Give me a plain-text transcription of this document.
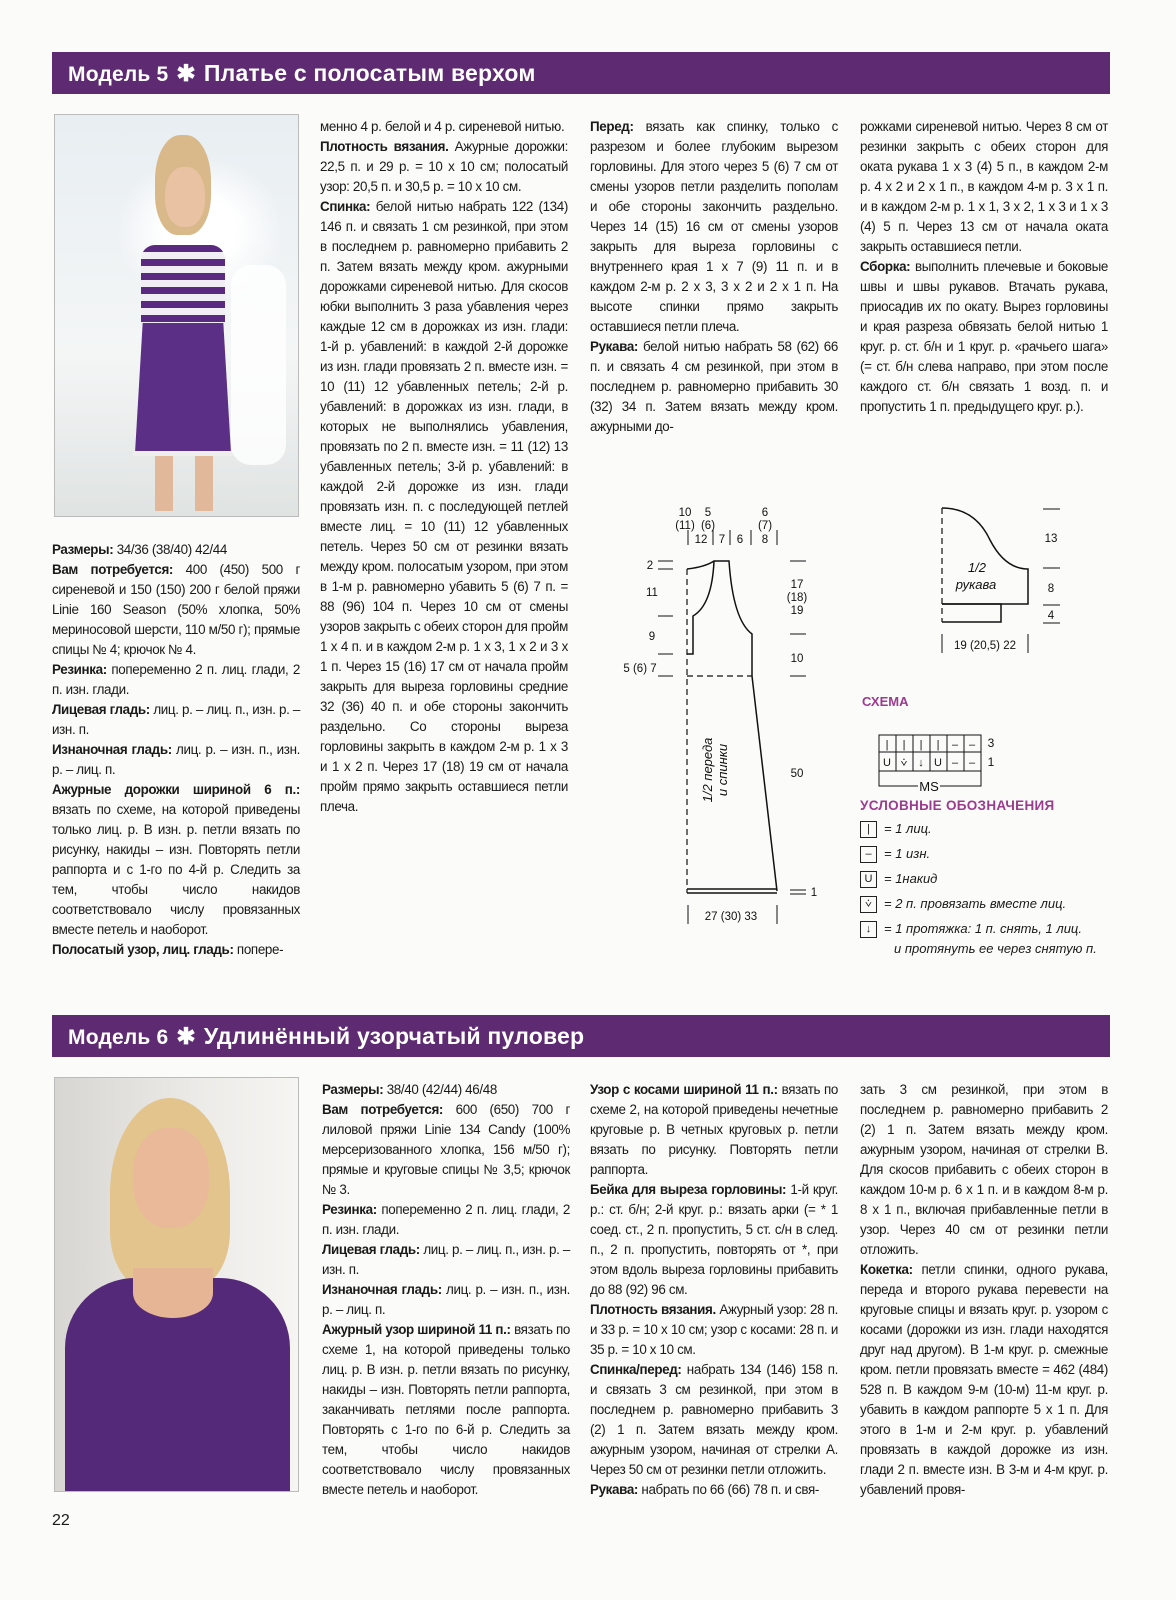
Модель 5 ✱ Платье с полосатым верхом

Размеры: 34/36 (38/40) 42/44

Вам потребуется: 400 (450) 500 г сиреневой и 150 (150) 200 г белой пряжи Linie 160 Season (50% хлопка, 50% мериносовой шерсти, 110 м/50 г); прямые спицы № 4; крючок № 4.

Резинка: попеременно 2 п. лиц. глади, 2 п. изн. глади.

Лицевая гладь: лиц. р. – лиц. п., изн. р. – изн. п.

Изнаночная гладь: лиц. р. – изн. п., изн. р. – лиц. п.

Ажурные дорожки шириной 6 п.: вязать по схеме, на которой приведены только лиц. р. В изн. р. петли вязать по рисунку, накиды – изн. Повторять петли раппорта и с 1-го по 4-й р. Следить за тем, чтобы число накидов соответствовало числу провязанных вместе петель и наоборот.

Полосатый узор, лиц. гладь: попере-

менно 4 р. белой и 4 р. сиреневой нитью.

Плотность вязания. Ажурные дорожки: 22,5 п. и 29 р. = 10 х 10 см; полосатый узор: 20,5 п. и 30,5 р. = 10 х 10 см.

Спинка: белой нитью набрать 122 (134) 146 п. и связать 1 см резинкой, при этом в последнем р. равномерно прибавить 2 п. Затем вязать между кром. ажурными дорожками сиреневой нитью. Для скосов юбки выполнить 3 раза убавления через каждые 12 см в дорожках из изн. глади: 1-й р. убавлений: в каждой 2-й дорожке из изн. глади провязать 2 п. вместе изн. = 10 (11) 12 убавленных петель; 2-й р. убавлений: в дорожках из изн. глади, в которых не выполнялись убавления, провязать по 2 п. вместе изн. = 11 (12) 13 убавленных петель; 3-й р. убавлений: в каждой 2-й дорожке из изн. глади провязать изн. п. с последующей петлей вместе лиц. = 10 (11) 12 убавленных петель. Через 50 см от резинки вязать между кром. полосатым узором, при этом в 1-м р. равномерно убавить 5 (6) 7 п. = 88 (96) 104 п. Через 10 см от смены узоров закрыть с обеих сторон для пройм 1 х 4 п. и в каждом 2-м р. 1 х 3, 1 х 2 и 3 х 1 п. Через 15 (16) 17 см от начала пройм закрыть для выреза горловины средние 32 (36) 40 п. и обе стороны закончить раздельно. Со стороны выреза горловины закрыть в каждом 2-м р. 1 х 3 и 1 х 2 п. Через 17 (18) 19 см от начала пройм прямо закрыть оставшиеся петли плеча.

Перед: вязать как спинку, только с разрезом и более глубоким вырезом горловины. Для этого через 5 (6) 7 см от смены узоров петли разделить пополам и обе стороны закончить раздельно. Через 14 (15) 16 см от смены узоров закрыть для выреза горловины с внутреннего края 1 х 7 (9) 11 п. и в каждом 2-м р. 2 х 3, 3 х 2 и 2 х 1 п. На высоте спинки прямо закрыть оставшиеся петли плеча.

Рукава: белой нитью набрать 58 (62) 66 п. и связать 4 см резинкой, при этом в последнем р. равномерно прибавить 30 (32) 34 п. Затем вязать между кром. ажурными до-

рожками сиреневой нитью. Через 8 см от резинки закрыть с обеих сторон для оката рукава 1 х 3 (4) 5 п., в каждом 2-м р. 4 х 2 и 2 х 1 п., в каждом 4-м р. 3 х 1 п. и в каждом 2-м р. 1 х 1, 3 х 2, 1 х 3 и 1 х 3 (4) 5 п. Через 13 см от начала оката закрыть оставшиеся петли.

Сборка: выполнить плечевые и боковые швы и швы рукавов. Втачать рукава, приосадив их по окату. Вырез горловины и края разреза обвязать белой нитью 1 круг. р. ст. б/н и 1 круг. р. «рачьего шага» (= ст. б/н слева направо, при этом после каждого ст. б/н связать 1 возд. п. и пропустить 1 п. предыдущего круг. р.).

10
(11)
12
5
(6)
7 6
6
(7)
8
2
11
9
5 (6) 7
17
(18)
19
10
50
1
27 (30) 33
1/2 переда и спинки
1/2
рукава
13
8
4
19 (20,5) 22
СХЕМА
| | | | – –
U ⩒ ↓ U – –
3
1
MS
УСЛОВНЫЕ ОБОЗНАЧЕНИЯ
| = 1 лиц.
– = 1 изн.
U = 1накид
⩒ = 2 п. провязать вместе лиц.
↓ = 1 протяжка: 1 п. снять, 1 лиц.
и протянуть ее через снятую п.
Модель 6 ✱ Удлинённый узорчатый пуловер

Размеры: 38/40 (42/44) 46/48

Вам потребуется: 600 (650) 700 г лиловой пряжи Linie 134 Candy (100% мерсеризованного хлопка, 156 м/50 г); прямые и круговые спицы № 3,5; крючок № 3.

Резинка: попеременно 2 п. лиц. глади, 2 п. изн. глади.

Лицевая гладь: лиц. р. – лиц. п., изн. р. – изн. п.

Изнаночная гладь: лиц. р. – изн. п., изн. р. – лиц. п.

Ажурный узор шириной 11 п.: вязать по схеме 1, на которой приведены только лиц. р. В изн. р. петли вязать по рисунку, накиды – изн. Повторять петли раппорта, заканчивать петлями после раппорта. Повторять с 1-го по 6-й р. Следить за тем, чтобы число накидов соответствовало числу провязанных вместе петель и наоборот.

Узор с косами шириной 11 п.: вязать по схеме 2, на которой приведены нечетные круговые р. В четных круговых р. петли вязать по рисунку. Повторять петли раппорта.

Бейка для выреза горловины: 1-й круг. р.: ст. б/н; 2-й круг. р.: вязать арки (= * 1 соед. ст., 2 п. пропустить, 5 ст. с/н в след. п., 2 п. пропустить, повторять от *, при этом вдоль выреза горловины прибавить до 88 (92) 96 см.

Плотность вязания. Ажурный узор: 28 п. и 33 р. = 10 х 10 см; узор с косами: 28 п. и 35 р. = 10 х 10 см.

Спинка/перед: набрать 134 (146) 158 п. и связать 3 см резинкой, при этом в последнем р. равномерно прибавить 3 (2) 1 п. Затем вязать между кром. ажурным узором, начиная от стрелки А. Через 50 см от резинки петли отложить.

Рукава: набрать по 66 (66) 78 п. и свя-

зать 3 см резинкой, при этом в последнем р. равномерно прибавить 2 (2) 1 п. Затем вязать между кром. ажурным узором, начиная от стрелки В. Для скосов прибавить с обеих сторон в каждом 10-м р. 6 х 1 п. и в каждом 8-м р. 8 х 1 п., включая прибавленные петли в узор. Через 40 см от резинки петли отложить.

Кокетка: петли спинки, одного рукава, переда и второго рукава перевести на круговые спицы и вязать круг. р. узором с косами (дорожки из изн. глади находятся друг над другом). В 1-м круг. р. смежные кром. петли провязать вместе = 462 (484) 528 п. В каждом 9-м (10-м) 11-м круг. р. убавить в каждом раппорте 5 х 1 п. Для этого в 1-м и 2-м круг. р. убавлений провязать в каждой дорожке из изн. глади 2 п. вместе изн. В 3-м и 4-м круг. р. убавлений провя-

22
